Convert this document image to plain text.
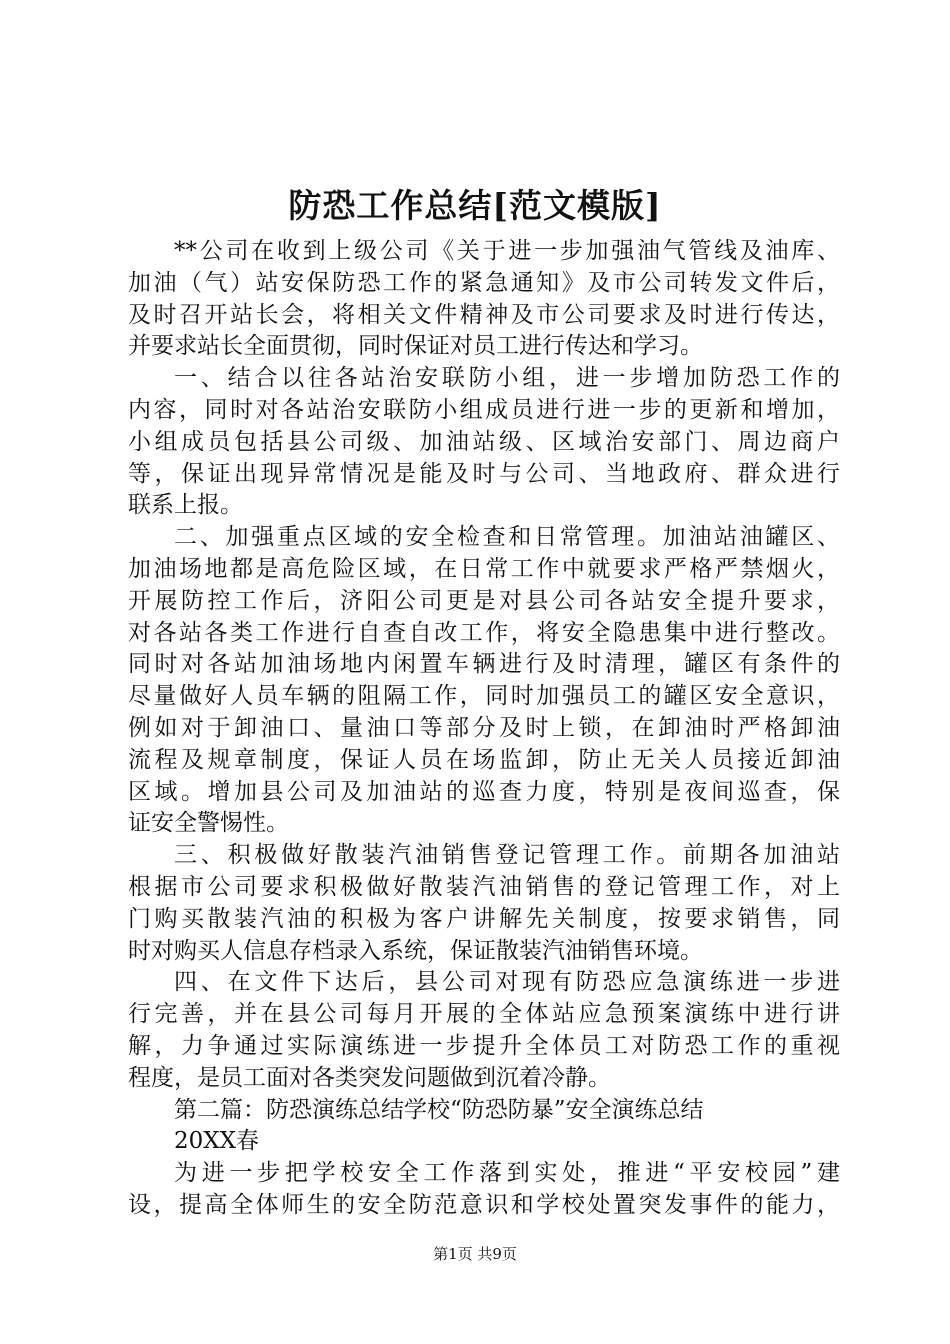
防恐工作总结[范文模版]
**公司在收到上级公司《关于进一步加强油气管线及油库、
加油（气）站安保防恐工作的紧急通知》及市公司转发文件后，
及时召开站长会，将相关文件精神及市公司要求及时进行传达，
并要求站长全面贯彻，同时保证对员工进行传达和学习。
一、结合以往各站治安联防小组，进一步增加防恐工作的
内容，同时对各站治安联防小组成员进行进一步的更新和增加，
小组成员包括县公司级、加油站级、区域治安部门、周边商户
等，保证出现异常情况是能及时与公司、当地政府、群众进行
联系上报。
二、加强重点区域的安全检查和日常管理。加油站油罐区、
加油场地都是高危险区域，在日常工作中就要求严格严禁烟火，
开展防控工作后，济阳公司更是对县公司各站安全提升要求，
对各站各类工作进行自查自改工作，将安全隐患集中进行整改。
同时对各站加油场地内闲置车辆进行及时清理，罐区有条件的
尽量做好人员车辆的阻隔工作，同时加强员工的罐区安全意识，
例如对于卸油口、量油口等部分及时上锁，在卸油时严格卸油
流程及规章制度，保证人员在场监卸，防止无关人员接近卸油
区域。增加县公司及加油站的巡查力度，特别是夜间巡查，保
证安全警惕性。
三、积极做好散装汽油销售登记管理工作。前期各加油站
根据市公司要求积极做好散装汽油销售的登记管理工作，对上
门购买散装汽油的积极为客户讲解先关制度，按要求销售，同
时对购买人信息存档录入系统，保证散装汽油销售环境。
四、在文件下达后，县公司对现有防恐应急演练进一步进
行完善，并在县公司每月开展的全体站应急预案演练中进行讲
解，力争通过实际演练进一步提升全体员工对防恐工作的重视
程度，是员工面对各类突发问题做到沉着冷静。
第二篇：防恐演练总结学校“防恐防暴”安全演练总结
20XX春
为进一步把学校安全工作落到实处，推进“平安校园”建
设，提高全体师生的安全防范意识和学校处置突发事件的能力，
第1页 共9页
